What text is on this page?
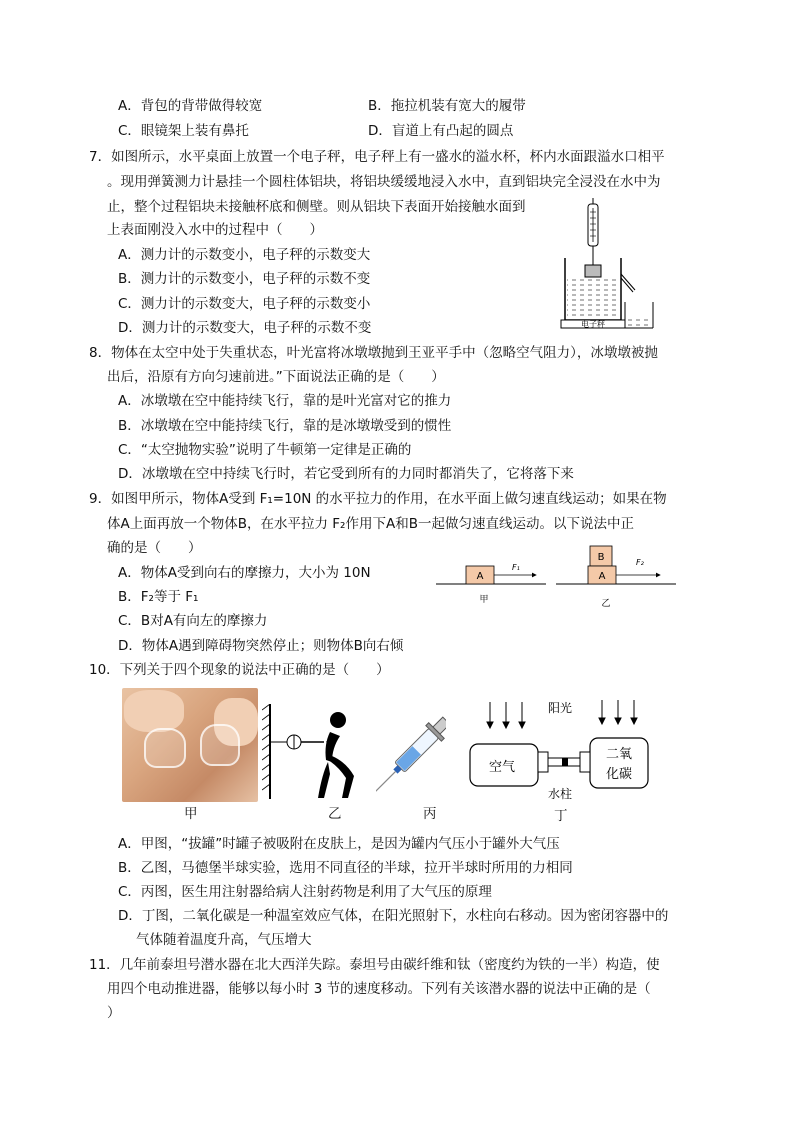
A．背包的背带做得较宽	B．拖拉机装有宽大的履带
C．眼镜架上装有鼻托	D．盲道上有凸起的圆点
7．如图所示，水平桌面上放置一个电子秤，电子秤上有一盛水的溢水杯，杯内水面跟溢水口相平
。现用弹簧测力计悬挂一个圆柱体铝块，将铝块缓缓地浸入水中，直到铝块完全浸没在水中为
止，整个过程铝块未接触杯底和侧壁。则从铝块下表面开始接触水面到
上表面刚没入水中的过程中（　　）
A．测力计的示数变小，电子秤的示数变大
B．测力计的示数变小，电子秤的示数不变
C．测力计的示数变大，电子秤的示数变小
D．测力计的示数变大，电子秤的示数不变	电子秤
8．物体在太空中处于失重状态，叶光富将冰墩墩抛到王亚平手中（忽略空气阻力），冰墩墩被抛
出后，沿原有方向匀速前进。”下面说法正确的是（　　）
A．冰墩墩在空中能持续飞行，靠的是叶光富对它的推力
B．冰墩墩在空中能持续飞行，靠的是冰墩墩受到的惯性
C．“太空抛物实验”说明了牛顿第一定律是正确的
D．冰墩墩在空中持续飞行时，若它受到所有的力同时都消失了，它将落下来
9．如图甲所示，物体A受到 F₁=10N 的水平拉力的作用，在水平面上做匀速直线运动；如果在物
体A上面再放一个物体B，在水平拉力 F₂作用下A和B一起做匀速直线运动。以下说法中正
确的是（　　）
A．物体A受到向右的摩擦力，大小为 10N
B．F₂等于 F₁
C．B对A有向左的摩擦力
D．物体A遇到障碍物突然停止；则物体B向右倾
A
F₁
甲
B
A
F₂
乙
10．下列关于四个现象的说法中正确的是（　　）
甲	乙	丙
阳光
空气
二氧
化碳
水柱
丁
A．甲图，“拔罐”时罐子被吸附在皮肤上，是因为罐内气压小于罐外大气压
B．乙图，马德堡半球实验，选用不同直径的半球，拉开半球时所用的力相同
C．丙图，医生用注射器给病人注射药物是利用了大气压的原理
D．丁图，二氧化碳是一种温室效应气体，在阳光照射下，水柱向右移动。因为密闭容器中的
气体随着温度升高，气压增大
11．几年前泰坦号潜水器在北大西洋失踪。泰坦号由碳纤维和钛（密度约为铁的一半）构造，使
用四个电动推进器，能够以每小时 3 节的速度移动。下列有关该潜水器的说法中正确的是（
）
